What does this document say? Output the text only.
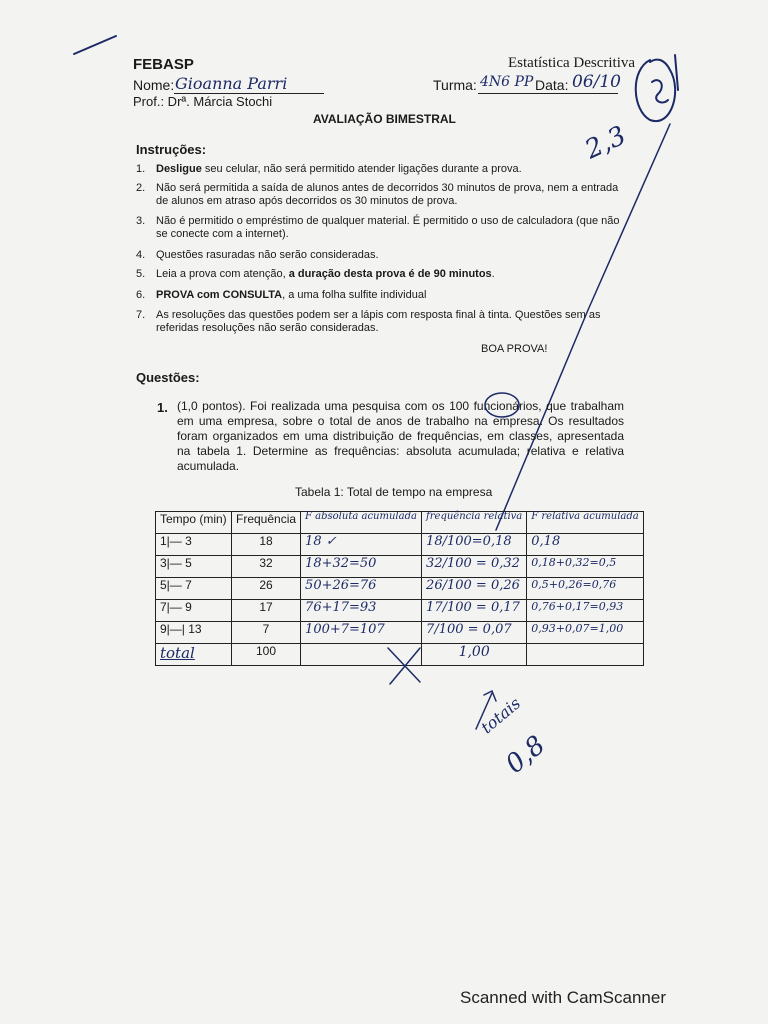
FEBASP	Estatística Descritiva
Nome: Gioanna Parri	Turma: 4N6 PP Data: 06/10
Prof.: Drª. Márcia Stochi
AVALIAÇÃO BIMESTRAL
2,3
Instruções:
1. Desligue seu celular, não será permitido atender ligações durante a prova.
2. Não será permitida a saída de alunos antes de decorridos 30 minutos de prova, nem a entrada de alunos em atraso após decorridos os 30 minutos de prova.
3. Não é permitido o empréstimo de qualquer material. É permitido o uso de calculadora (que não se conecte com a internet).
4. Questões rasuradas não serão consideradas.
5. Leia a prova com atenção, a duração desta prova é de 90 minutos.
6. PROVA com CONSULTA, a uma folha sulfite individual
7. As resoluções das questões podem ser a lápis com resposta final à tinta. Questões sem as referidas resoluções não serão consideradas.
BOA PROVA!
Questões:
1. (1,0 pontos). Foi realizada uma pesquisa com os 100 funcionários, que trabalham em uma empresa, sobre o total de anos de trabalho na empresa. Os resultados foram organizados em uma distribuição de frequências, em classes, apresentada na tabela 1. Determine as frequências: absoluta acumulada; relativa e relativa acumulada.
Tabela 1: Total de tempo na empresa
Tempo (min)	Frequência	F absoluta acumulada	frequência relativa	F relativa acumulada
1|— 3	18	18 ✓	18/100=0,18	0,18
3|— 5	32	18+32=50	32/100 = 0,32	0,18+0,32=0,5
5|— 7	26	50+26=76	26/100 = 0,26	0,5+0,26=0,76
7|— 9	17	76+17=93	17/100 = 0,17	0,76+0,17=0,93
9|—| 13	7	100+7=107	7/100 = 0,07	0,93+0,07=1,00
total	100		1,00	
totais
0,8
Scanned with CamScanner
